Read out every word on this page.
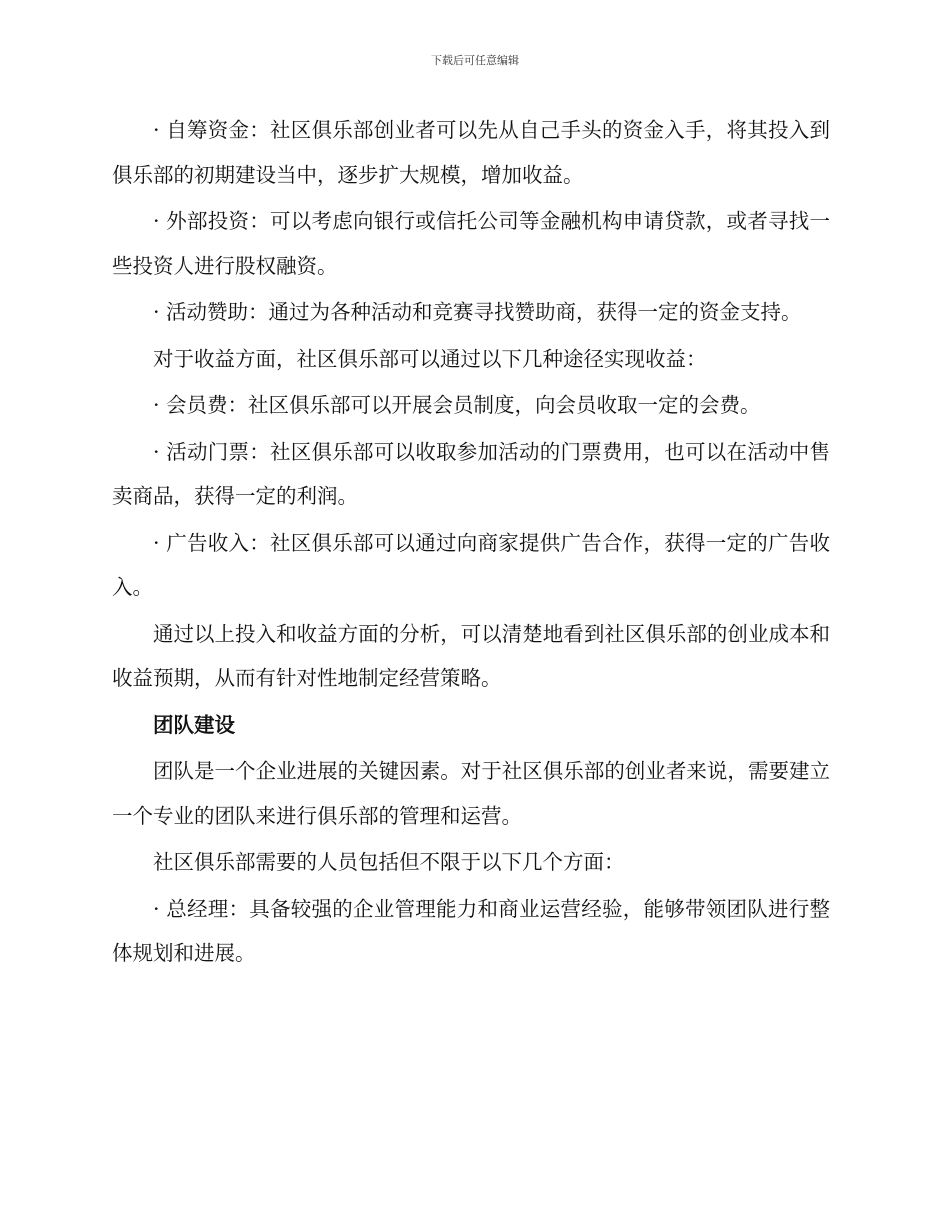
下载后可任意编辑

· 自筹资金：社区俱乐部创业者可以先从自己手头的资金入手，将其投入到俱乐部的初期建设当中，逐步扩大规模，增加收益。

· 外部投资：可以考虑向银行或信托公司等金融机构申请贷款，或者寻找一些投资人进行股权融资。

· 活动赞助：通过为各种活动和竞赛寻找赞助商，获得一定的资金支持。

对于收益方面，社区俱乐部可以通过以下几种途径实现收益：

· 会员费：社区俱乐部可以开展会员制度，向会员收取一定的会费。

· 活动门票：社区俱乐部可以收取参加活动的门票费用，也可以在活动中售卖商品，获得一定的利润。

· 广告收入：社区俱乐部可以通过向商家提供广告合作，获得一定的广告收入。

通过以上投入和收益方面的分析，可以清楚地看到社区俱乐部的创业成本和收益预期，从而有针对性地制定经营策略。

团队建设

团队是一个企业进展的关键因素。对于社区俱乐部的创业者来说，需要建立一个专业的团队来进行俱乐部的管理和运营。

社区俱乐部需要的人员包括但不限于以下几个方面：

· 总经理：具备较强的企业管理能力和商业运营经验，能够带领团队进行整体规划和进展。
